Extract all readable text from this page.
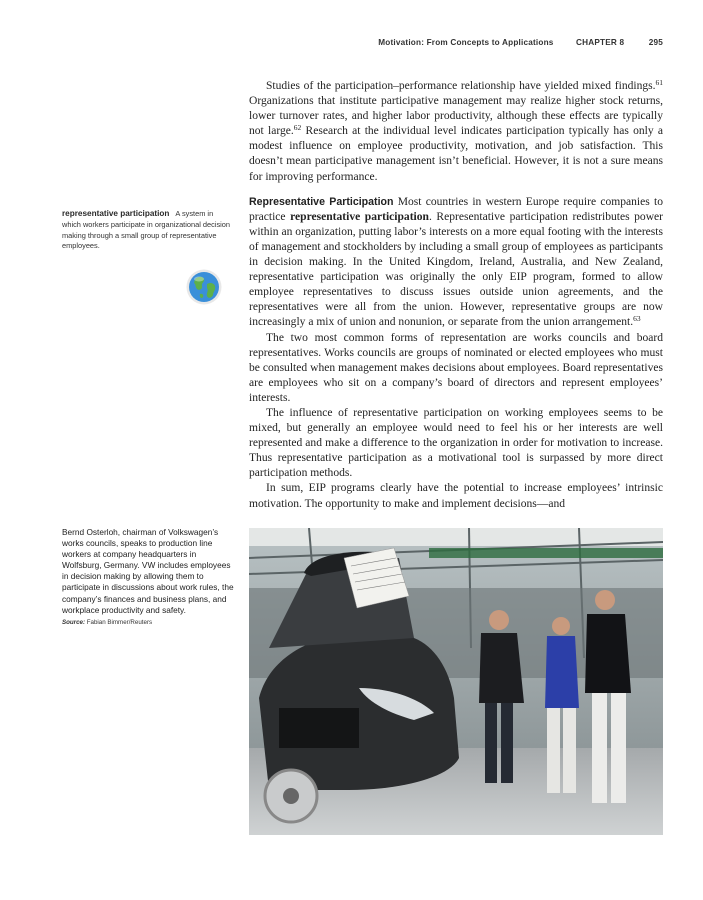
Motivation: From Concepts to Applications	CHAPTER 8	295

Studies of the participation–performance relationship have yielded mixed findings.$^{61}$ Organizations that institute participative management may realize higher stock returns, lower turnover rates, and higher labor productivity, although these effects are typically not large.$^{62}$ Research at the individual level indicates participation typically has only a modest influence on employee productivity, motivation, and job satisfaction. This doesn’t mean participative management isn’t beneficial. However, it is not a sure means for improving performance.

Representative Participation Most countries in western Europe require companies to practice representative participation. Representative participation redistributes power within an organization, putting labor’s interests on a more equal footing with the interests of management and stockholders by including a small group of employees as participants in decision making. In the United Kingdom, Ireland, Australia, and New Zealand, representative participation was originally the only EIP program, formed to allow employee representatives to discuss issues outside union agreements, and the representatives were all from the union. However, representative groups are now increasingly a mix of union and nonunion, or separate from the union arrangement.$^{63}$

The two most common forms of representation are works councils and board representatives. Works councils are groups of nominated or elected employees who must be consulted when management makes decisions about employees. Board representatives are employees who sit on a company’s board of directors and represent employees’ interests.

The influence of representative participation on working employees seems to be mixed, but generally an employee would need to feel his or her interests are well represented and make a difference to the organization in order for motivation to increase. Thus representative participation as a motivational tool is surpassed by more direct participation methods.

In sum, EIP programs clearly have the potential to increase employees’ intrinsic motivation. The opportunity to make and implement decisions—and

representative participation A system in which workers participate in organizational decision making through a small group of representative employees.
Bernd Osterloh, chairman of Volkswagen’s works councils, speaks to production line workers at company headquarters in Wolfsburg, Germany. VW includes employees in decision making by allowing them to participate in discussions about work rules, the company’s finances and business plans, and workplace productivity and safety.
Source: Fabian Bimmer/Reuters
